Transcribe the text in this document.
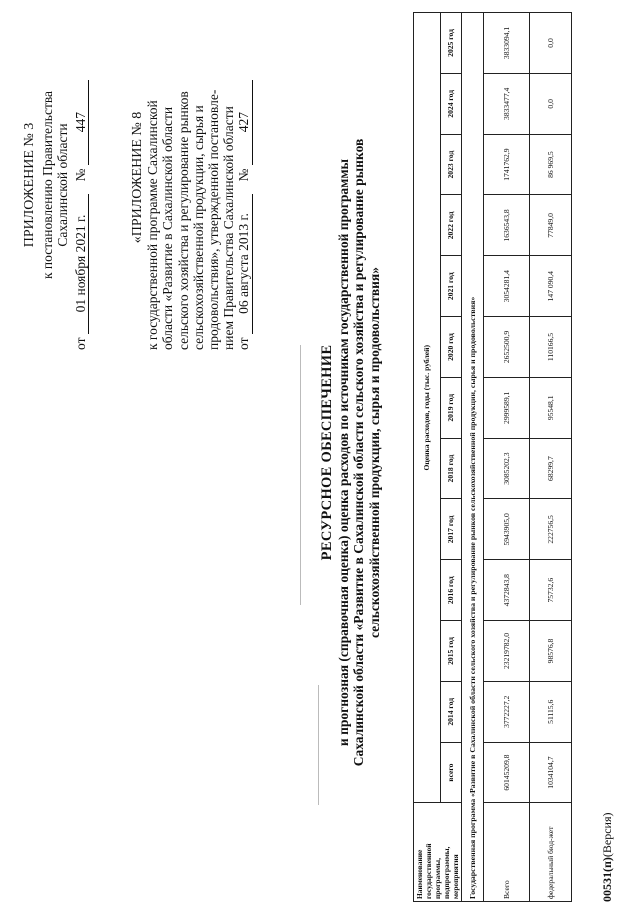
ПРИЛОЖЕНИЕ № 3 к постановлению Правительства Сахалинской области
от
01 ноября 2021 г.
№
447	«ПРИЛОЖЕНИЕ № 8 к государственной программе Сахалинской области «Развитие в Сахалинской области сельского хозяйства и регулирование рынков сельскохозяйственной продукции, сырья и продовольствия», утвержденной постановле- нием Правительства Сахалинской области от
06 августа 2013 г.
№
427
РЕСУРСНОЕ ОБЕСПЕЧЕНИЕ и прогнозная (справочная оценка) оценка расходов по источникам государственной программы Сахалинской области «Развитие в Сахалинской области сельского хозяйства и регулирование рынков сельскохозяйственной продукции, сырья и продовольствия»
Наименование государственной программы, подпрограммы, мероприятия	Оценка расходов, годы (тыс. рублей)												
	всего	2014 год	2015 год	2016 год	2017 год	2018 год	2019 год	2020 год	2021 год	2022 год	2023 год	2024 год	2025 год
Государственная программа «Развитие в Сахалинской области сельского хозяйства и регулирование рынков сельскохозяйственной продукции, сырья и продовольствия»													
Всего	60145209,8	3772227,2	23219782,0	4372843,8	5943905,0	3085202,3	2999589,1	2652500,9	3054281,4	1636543,8	1741762,9	3833477,4	3833094,1
федеральный бюд-жет	1034104,7	51115,6	98576,8	75732,6	222756,5	68299,7	95548,1	110166,5	147 090,4	77849,0	86 969,5	0,0	0,0
00531(п)(Версия)
